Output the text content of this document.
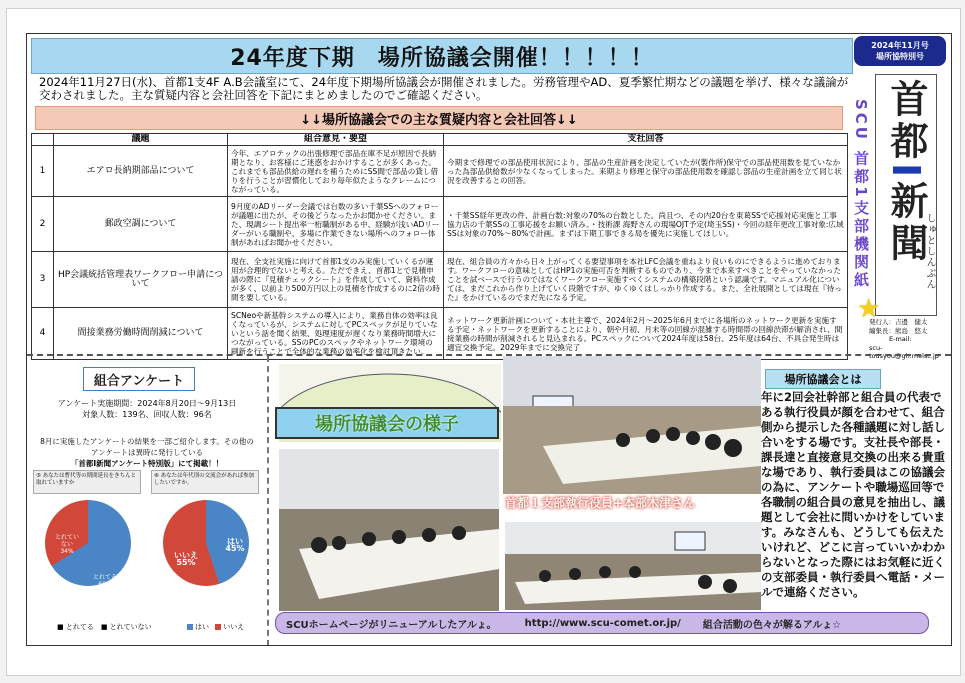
24年度下期　場所協議会開催！！！！！
2024年11月27日(水)、首都1支4F A.B会議室にて、24年度下期場所協議会が開催されました。労務管理やAD、夏季繁忙期などの議題を挙げ、様々な議論が交わされました。主な質疑内容と会社回答を下記にまとめましたのでご確認ください。
↓↓場所協議会での主な質疑内容と会社回答↓↓
	議題	組合意見・要望	支社回答
1	エアロ長納期部品について	今年、エアロテックの出張修理で部品在庫不足が原因で長納期となり、お客様にご迷惑をおかけすることが多くあった。これまでも部品供給の遅れを補うためにSS間で部品の貸し借りを行うことが習慣化しており毎年似たようなクレームにつながっている。	今期まで修理での部品使用状況により、部品の生産計画を決定していたが(製作所)保守での部品使用数を見ていなかった為部品供給数が少なくなってしまった。来期より修理と保守の部品使用数を確認し部品の生産計画を立て同じ状況を改善するとの回答。
2	郵政空調について	9月度のADリーダー会議では台数の多い千葉SSへのフォローが議題に出たが、その後どうなったかお聞かせください。また、現調シート提出率一桁職制がある中、経験が浅いADリーダーがいる職制や、多場に作業できない場所へのフォロー体制があればお聞かせください。	・千葉SS経年更改の件、計画台数:対象の70%の台数とした。尚且つ、その内20台を東葛SSで応援対応実施と工事協力店の千葉SSの工事応援をお願い済み。・技術課 海野さんの現場OJT予定(埼玉SS)・今回の経年更改工事対象:広域SSは対象の70%～80%で計画。まずは下期工事できる局を優先に実施してほしい。
3	HP会議統括管理表ワークフロー申請について	現在、全支社実施に向けて首都1支のみ実施していくるが運用が合理的でないと考える。ただできえ、首都1とで見積申請の際に『見積チェックシート』を作成していて、資料作成が多く、以前より500万円以上の見積を作成するのに2倍の時間を要している。	現在、組合員の方々から日々上がってくる要望事項を本社LFC会議を重ねより良いものにできるように進めております。ワークフローの意味としてはHP1の実施可否を判断するものであり、今まで本来すべきことをやっていなかったことを試ベースで行うのではなくワークフロー実施すべくシステムの構築段階という認識です。マニュアル化については、まだこれから作り上げていく段階ですが、ゆくゆくはしっかり作成する。また、全社展開としては現在『待った』をかけているのでまだ先になる予定。
4	間接業務労働時間削減について	SCNeoや新基幹システムの導入により、業務自体の効率は良くなっているが、システムに対してPCスペックが足りていないという話を聞く結果、処理速度が遅くなり業務時間増大につながっている。SSのPCのスペックやネットワーク環境の刷新を行うことで全体的な業務の効率化を検討頂きたい。	ネットワーク更新計画について・本社主導で、2024年2月～2025年6月までに各場所のネットワーク更新を実施する予定・ネットワークを更新することにより、朝や月初、月末等の回線が混雑する時間帯の回線渋滞が解消され、間接業務の時間が削減されると見込まれる。PCスペックについて2024年度は58台、25年度は64台、不具合発生時は適宜交換予定。2029年までに交換完了
2024年11月号
場所協特別号
SCU 首都1支部機関紙 首都I新聞
しゅとしんぶん
★
発行人：吉邊　健太
編集長：熊島　悠太
E-mail:
scu-tousyou@gh.melsc.jp
組合アンケート
アンケート実施期間：2024年8月20日～9月13日
対象人数：139名、回収人数：96名
8月に実施したアンケートの結果を一部ご紹介します。その他の
アンケートは異時に発行している
「首都I新聞アンケート特別版」にて掲載！！
⑤ あなたは暫代等の期間延長をきちんと取れていますか
⑥ あなたは年代別の交流会があれば参加したいですか。
とれていない
34%
とれてる
66%
いいえ
55%
はい
45%
■ とれてる　■ とれていない	はい いいえ
場所協議会の様子
首都１支部執行役員+本部木津さん
場所協議会とは
年に2回会社幹部と組合員の代表である執行役員が顔を合わせて、組合側から提示した各種議題に対し話し合いをする場です。支社長や部長・課長達と直接意見交換の出来る貴重な場であり、執行委員はこの協議会の為に、アンケートや職場巡回等で各職制の組合員の意見を抽出し、議題として会社に問いかけをしています。みなさんも、どうしても伝えたいけれど、どこに言っていいかわからないとなった際にはお気軽に近くの支部委員・執行委員へ電話・メールで連絡ください。
SCUホームページがリニューアルしたアルょ。	http://www.scu-comet.or.jp/ 組合活動の色々が解るアルょ☆
